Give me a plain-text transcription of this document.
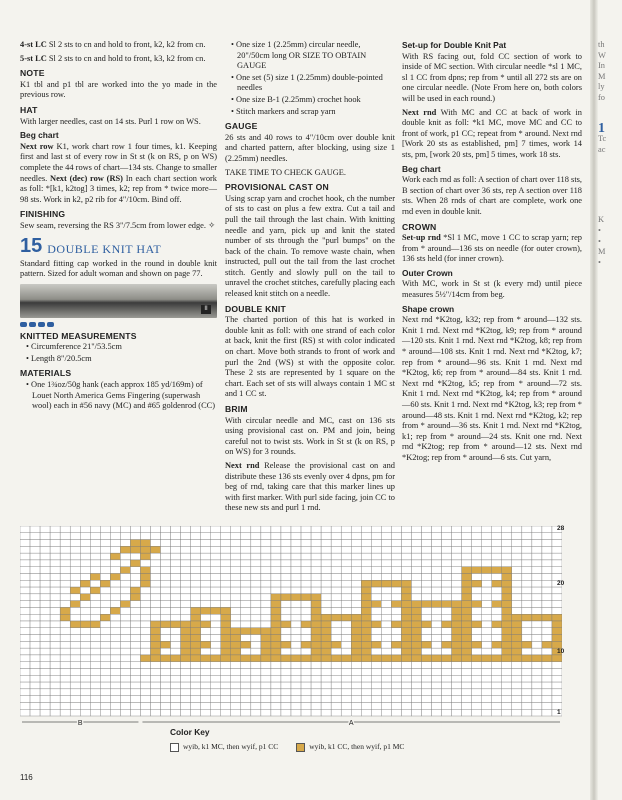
4-st LC Sl 2 sts to cn and hold to front, k2, k2 from cn.

5-st LC Sl 2 sts to cn and hold to front, k3, k2 from cn.

NOTE

K1 tbl and p1 tbl are worked into the yo made in the previous row.

HAT

With larger needles, cast on 14 sts. Purl 1 row on WS.

Beg chart

Next row K1, work chart row 1 four times, k1. Keeping first and last st of every row in St st (k on RS, p on WS) complete the 44 rows of chart—134 sts. Change to smaller needles. Next (dec) row (RS) In each chart section work as foll: *[k1, k2tog] 3 times, k2; rep from * twice more—98 sts. Work in k2, p2 rib for 4"/10cm. Bind off.

FINISHING

Sew seam, reversing the RS 3"/7.5cm from lower edge. ✧

15 DOUBLE KNIT HAT

Standard fitting cap worked in the round in double knit pattern. Sized for adult woman and shown on page 77.

II
KNITTED MEASUREMENTS
• Circumference 21"/53.5cm
• Length 8"/20.5cm
MATERIALS
• One 1¾oz/50g hank (each approx 185 yd/169m) of Louet North America Gems Fingering (superwash wool) each in #56 navy (MC) and #65 goldenrod (CC)
• One size 1 (2.25mm) circular needle, 20"/50cm long OR SIZE TO OBTAIN GAUGE
• One set (5) size 1 (2.25mm) double-pointed needles
• One size B-1 (2.25mm) crochet hook
• Stitch markers and scrap yarn
GAUGE

26 sts and 40 rows to 4"/10cm over double knit and charted pattern, after blocking, using size 1 (2.25mm) needles.

TAKE TIME TO CHECK GAUGE.

PROVISIONAL CAST ON

Using scrap yarn and crochet hook, ch the number of sts to cast on plus a few extra. Cut a tail and pull the tail through the last chain. With knitting needle and yarn, pick up and knit the stated number of sts through the "purl bumps" on the back of the chain. To remove waste chain, when instructed, pull out the tail from the last crochet stitch. Gently and slowly pull on the tail to unravel the crochet stitches, carefully placing each released knit stitch on a needle.

DOUBLE KNIT

The charted portion of this hat is worked in double knit as foll: with one strand of each color at back, knit the first (RS) st with color indicated on chart. Move both strands to front of work and purl the 2nd (WS) st with the opposite color. These 2 sts are represented by 1 square on the chart. Each set of sts will always contain 1 MC st and 1 CC st.

BRIM

With circular needle and MC, cast on 136 sts using provisional cast on. PM and join, being careful not to twist sts. Work in St st (k on RS, p on WS) for 3 rounds.

Next rnd Release the provisional cast on and distribute these 136 sts evenly over 4 dpns, pm for beg of rnd, taking care that this marker lines up with first marker. With purl side facing, join CC to these new sts and purl 1 rnd.

Set-up for Double Knit Pat

With RS facing out, fold CC section of work to inside of MC section. With circular needle *sl 1 MC, sl 1 CC from dpns; rep from * until all 272 sts are on one circular needle. (Note From here on, both colors will be used in each round.)

Next rnd With MC and CC at back of work in double knit as foll: *k1 MC, move MC and CC to front of work, p1 CC; repeat from * around. Next rnd [Work 20 sts as established, pm] 7 times, work 14 sts, pm, [work 20 sts, pm] 5 times, work 18 sts.

Beg chart

Work each rnd as foll: A section of chart over 118 sts, B section of chart over 36 sts, rep A section over 118 sts. When 28 rnds of chart are complete, work one rnd even in double knit.

CROWN

Set-up rnd *Sl 1 MC, move 1 CC to scrap yarn; rep from * around—136 sts on needle (for outer crown), 136 sts held (for inner crown).

Outer Crown

With MC, work in St st (k every rnd) until piece measures 5½"/14cm from beg.

Shape crown

Next rnd *K2tog, k32; rep from * around—132 sts. Knit 1 rnd. Next rnd *K2tog, k9; rep from * around—120 sts. Knit 1 rnd. Next rnd *K2tog, k8; rep from * around—108 sts. Knit 1 rnd. Next rnd *K2tog, k7; rep from * around—96 sts. Knit 1 rnd. Next rnd *K2tog, k6; rep from * around—84 sts. Knit 1 rnd. Next rnd *K2tog, k5; rep from * around—72 sts. Knit 1 rnd. Next rnd *K2tog, k4; rep from * around—60 sts. Knit 1 rnd. Next rnd *K2tog, k3; rep from * around—48 sts. Knit 1 rnd. Next rnd *K2tog, k2; rep from * around—36 sts. Knit 1 rnd. Next rnd *K2tog, k1; rep from * around—24 sts. Knit one rnd. Next rnd *K2tog; rep from * around—12 sts. Next rnd *K2tog; rep from * around—6 sts. Cut yarn,

th
W
In
M
ly
fo
1
Tc
ac
K
•
•
M
•
1
10
20
28
B	A
Color Key
wyib, k1 MC, then wyif, p1 CC	wyib, k1 CC, then wyif, p1 MC
116
